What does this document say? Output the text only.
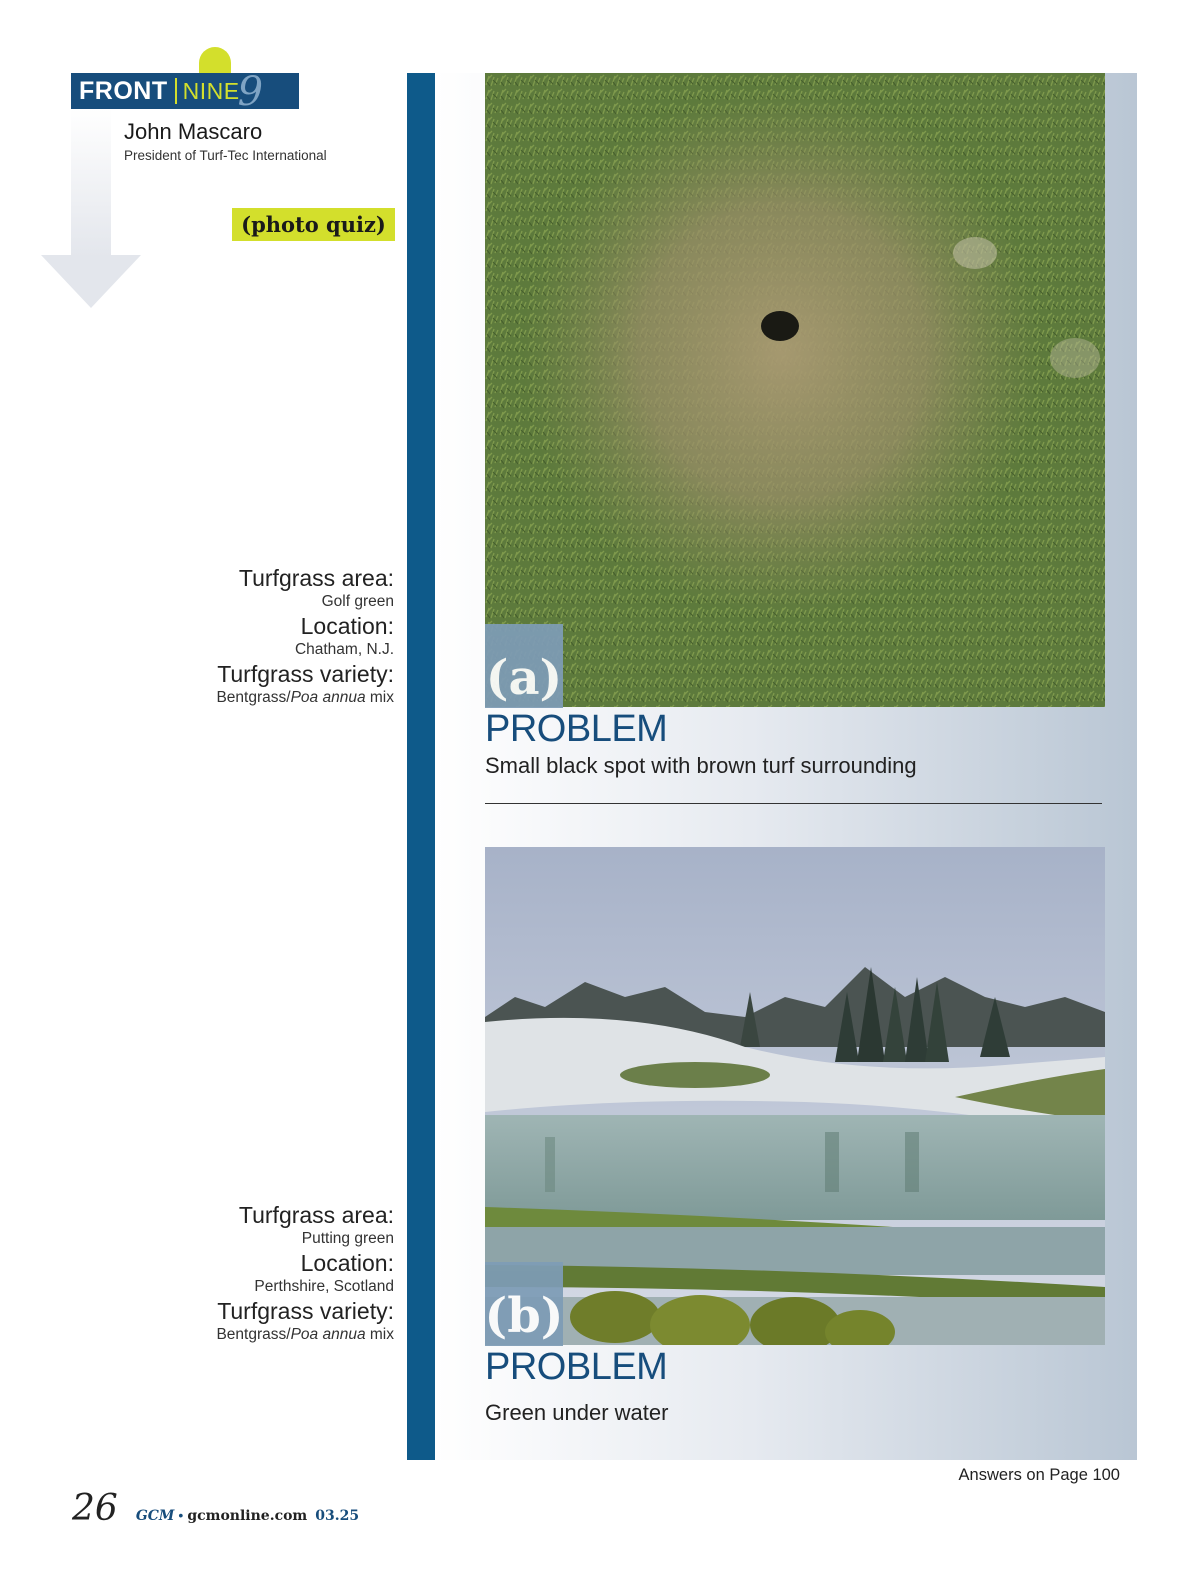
FRONT NINE
9
John Mascaro
President of Turf-Tec International
(photo quiz)
Turfgrass area:
Golf green
Location:
Chatham, N.J.
Turfgrass variety:
Bentgrass/Poa annua mix
Turfgrass area:
Putting green
Location:
Perthshire, Scotland
Turfgrass variety:
Bentgrass/Poa annua mix
(a)
PROBLEM
Small black spot with brown turf surrounding
(b)
PROBLEM
Green under water
Answers on Page 100
26 GCM • gcmonline.com 03.25
